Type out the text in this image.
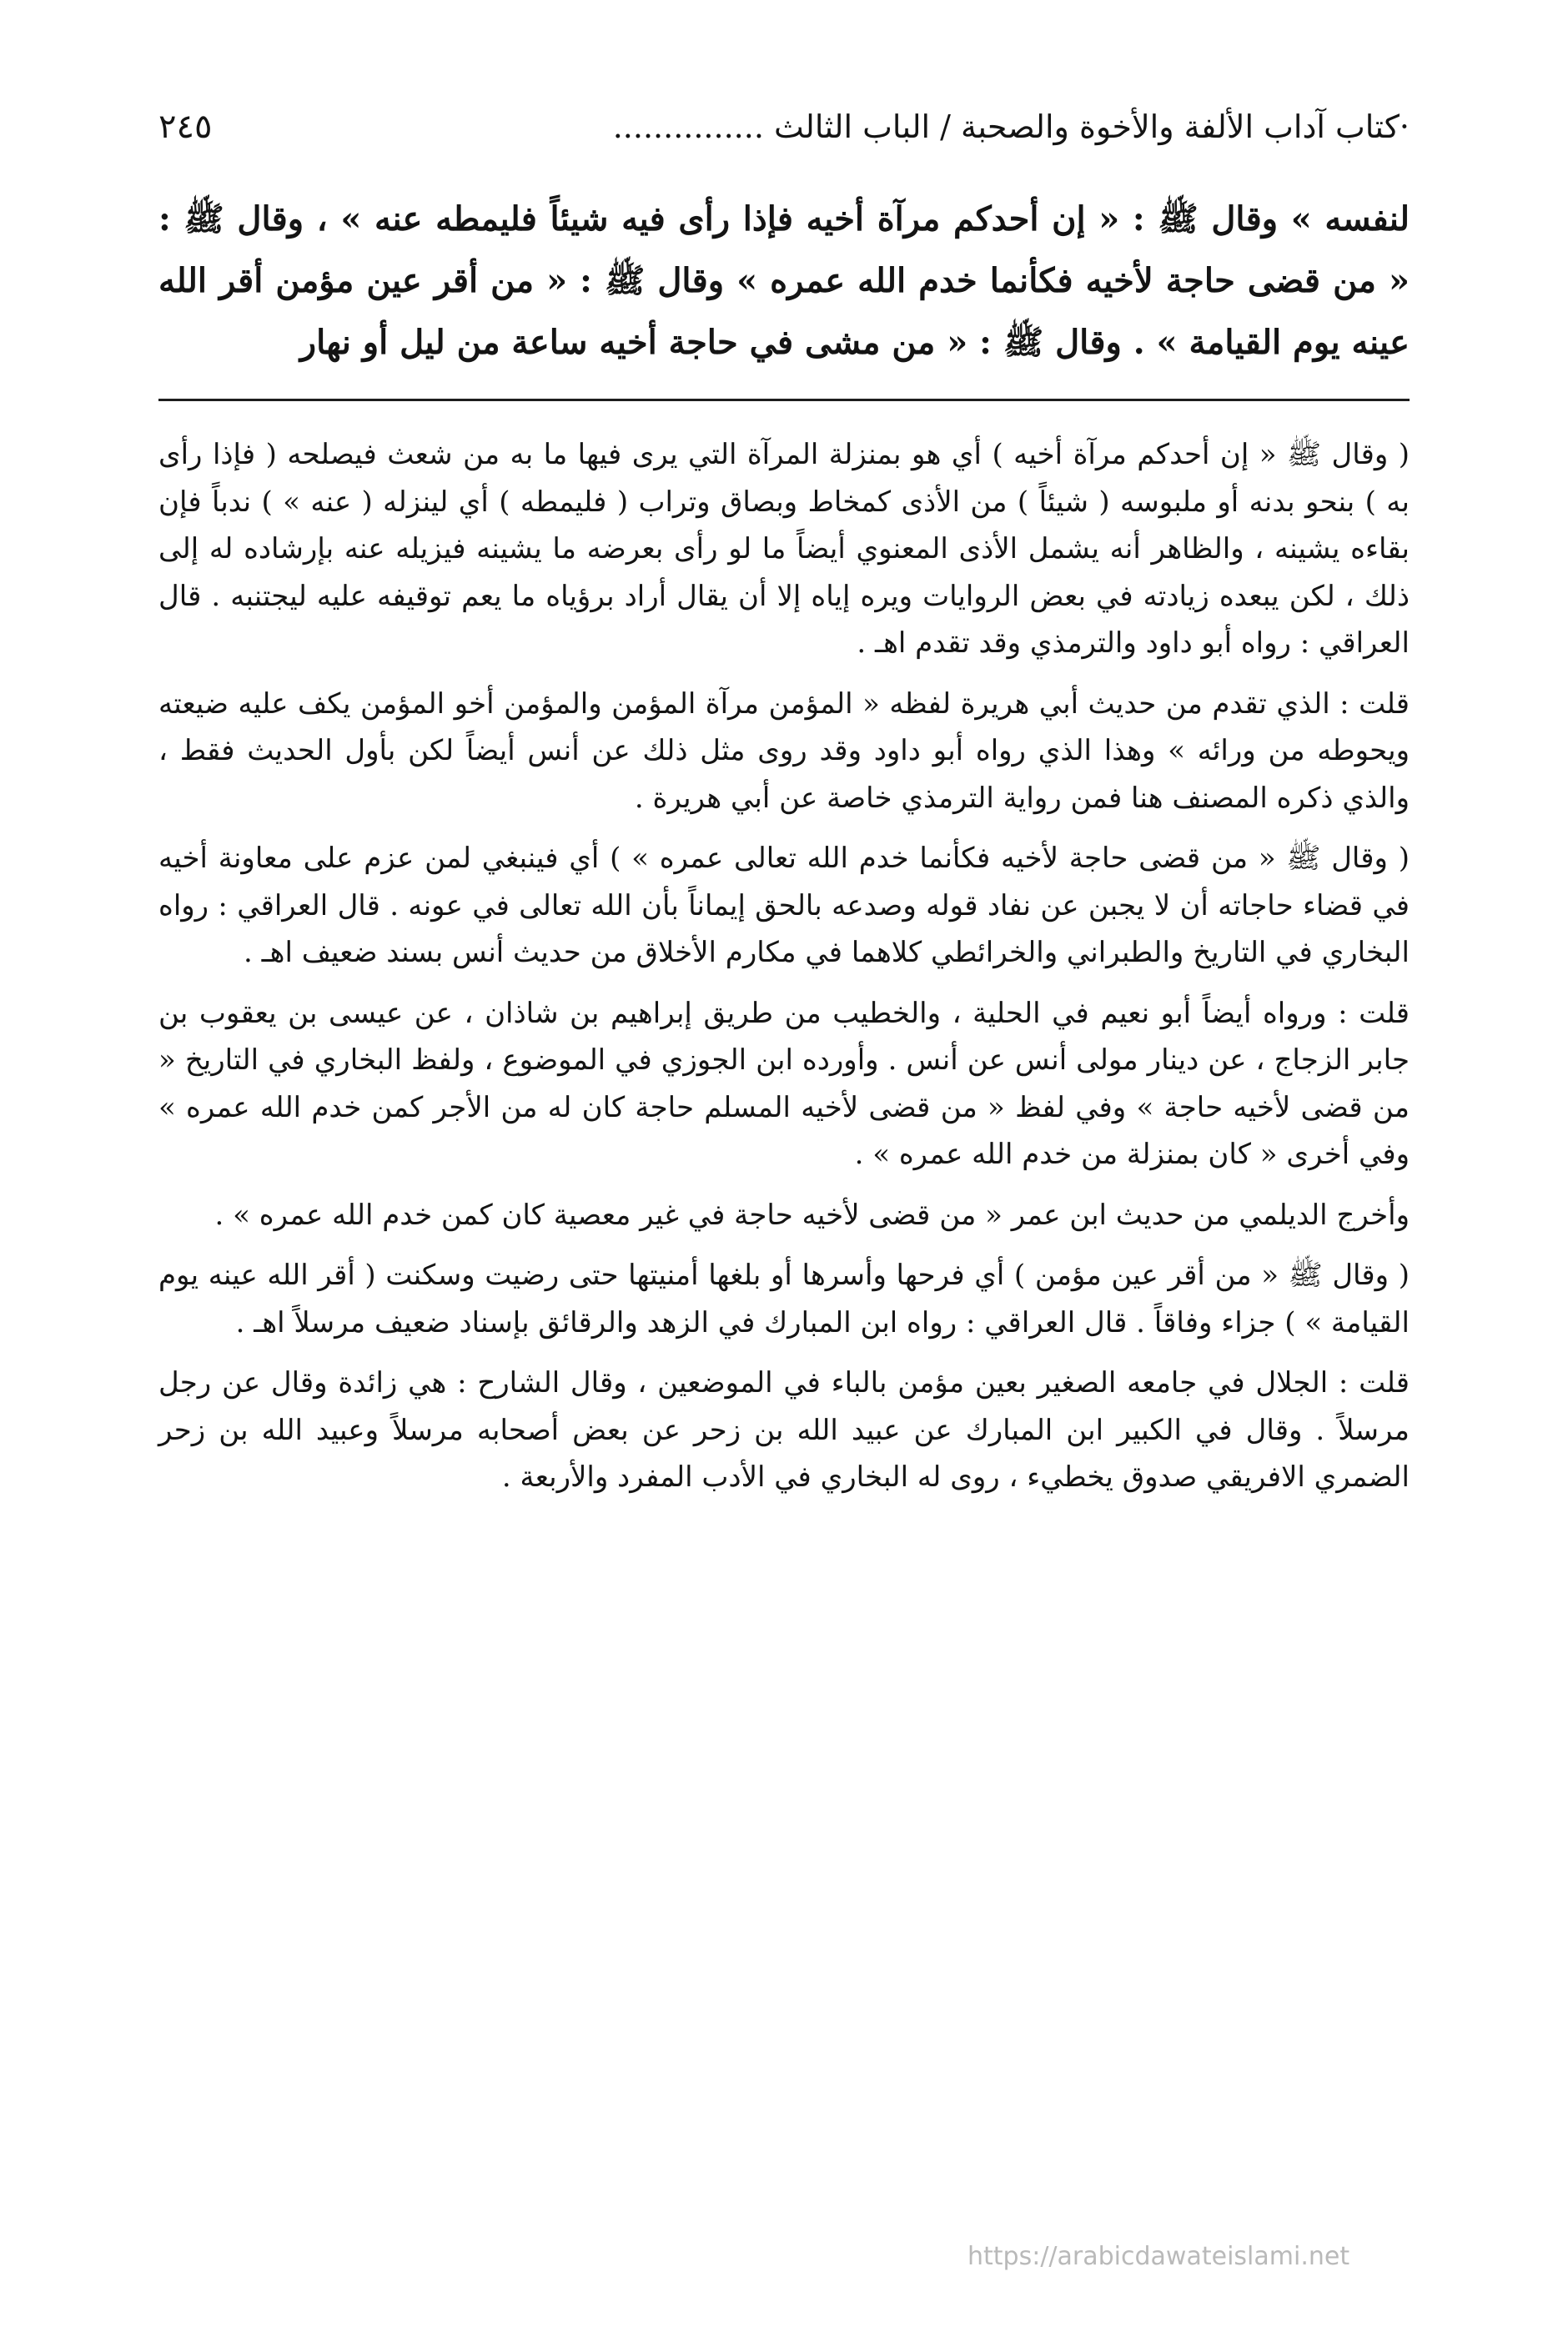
·كتاب آداب الألفة والأخوة والصحبة / الباب الثالث ...............
٢٤٥

لنفسه » وقال ﷺ : « إن أحدكم مرآة أخيه فإذا رأى فيه شيئاً فليمطه عنه » ، وقال ﷺ : « من قضى حاجة لأخيه فكأنما خدم الله عمره » وقال ﷺ : « من أقر عين مؤمن أقر الله عينه يوم القيامة » . وقال ﷺ : « من مشى في حاجة أخيه ساعة من ليل أو نهار

( وقال ﷺ « إن أحدكم مرآة أخيه ) أي هو بمنزلة المرآة التي يرى فيها ما به من شعث فيصلحه ( فإذا رأى به ) بنحو بدنه أو ملبوسه ( شيئاً ) من الأذى كمخاط وبصاق وتراب ( فليمطه ) أي لينزله ( عنه » ) ندباً فإن بقاءه يشينه ، والظاهر أنه يشمل الأذى المعنوي أيضاً ما لو رأى بعرضه ما يشينه فيزيله عنه بإرشاده له إلى ذلك ، لكن يبعده زيادته في بعض الروايات ويره إياه إلا أن يقال أراد برؤياه ما يعم توقيفه عليه ليجتنبه . قال العراقي : رواه أبو داود والترمذي وقد تقدم اهـ .

قلت : الذي تقدم من حديث أبي هريرة لفظه « المؤمن مرآة المؤمن والمؤمن أخو المؤمن يكف عليه ضيعته ويحوطه من ورائه » وهذا الذي رواه أبو داود وقد روى مثل ذلك عن أنس أيضاً لكن بأول الحديث فقط ، والذي ذكره المصنف هنا فمن رواية الترمذي خاصة عن أبي هريرة .

( وقال ﷺ « من قضى حاجة لأخيه فكأنما خدم الله تعالى عمره » ) أي فينبغي لمن عزم على معاونة أخيه في قضاء حاجاته أن لا يجبن عن نفاد قوله وصدعه بالحق إيماناً بأن الله تعالى في عونه . قال العراقي : رواه البخاري في التاريخ والطبراني والخرائطي كلاهما في مكارم الأخلاق من حديث أنس بسند ضعيف اهـ .

قلت : ورواه أيضاً أبو نعيم في الحلية ، والخطيب من طريق إبراهيم بن شاذان ، عن عيسى بن يعقوب بن جابر الزجاج ، عن دينار مولى أنس عن أنس . وأورده ابن الجوزي في الموضوع ، ولفظ البخاري في التاريخ « من قضى لأخيه حاجة » وفي لفظ « من قضى لأخيه المسلم حاجة كان له من الأجر كمن خدم الله عمره » وفي أخرى « كان بمنزلة من خدم الله عمره » .

وأخرج الديلمي من حديث ابن عمر « من قضى لأخيه حاجة في غير معصية كان كمن خدم الله عمره » .

( وقال ﷺ « من أقر عين مؤمن ) أي فرحها وأسرها أو بلغها أمنيتها حتى رضيت وسكنت ( أقر الله عينه يوم القيامة » ) جزاء وفاقاً . قال العراقي : رواه ابن المبارك في الزهد والرقائق بإسناد ضعيف مرسلاً اهـ .

قلت : الجلال في جامعه الصغير بعين مؤمن بالباء في الموضعين ، وقال الشارح : هي زائدة وقال عن رجل مرسلاً . وقال في الكبير ابن المبارك عن عبيد الله بن زحر عن بعض أصحابه مرسلاً وعبيد الله بن زحر الضمري الافريقي صدوق يخطيء ، روى له البخاري في الأدب المفرد والأربعة .

https://arabicdawateislami.net
